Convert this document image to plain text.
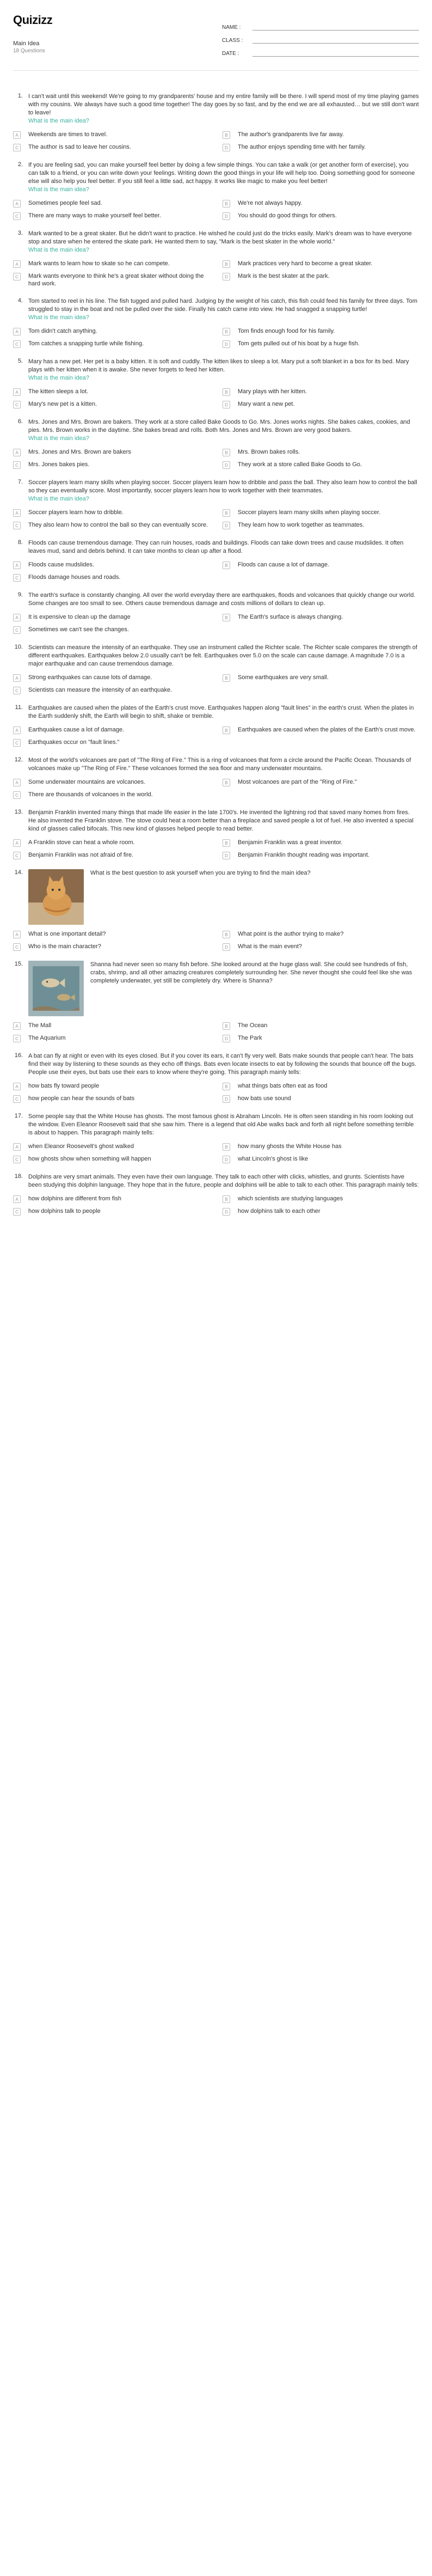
Quizizz
Main Idea
18 Questions
NAME :
CLASS :
DATE :
1. I can't wait until this weekend! We're going to my grandparents' house and my entire family will be there. I will spend most of my time playing games with my cousins. We always have such a good time together! The day goes by so fast, and by the end we are all exhausted… but we still don't want to leave!
What is the main idea?
A	Weekends are times to travel.	B	The author's grandparents live far away.
C	The author is sad to leave her cousins.	D	The author enjoys spending time with her family.
2. If you are feeling sad, you can make yourself feel better by doing a few simple things. You can take a walk (or get another form of exercise), you can talk to a friend, or you can write down your feelings. Writing down the good things in your life will help too. Doing something good for someone else will also help you feel better. If you still feel a little sad, act happy. It works like magic to make you feel better!
What is the main idea?
A	Sometimes people feel sad.	B	We're not always happy.
C	There are many ways to make yourself feel better.	D	You should do good things for others.
3. Mark wanted to be a great skater. But he didn't want to practice. He wished he could just do the tricks easily. Mark's dream was to have everyone stop and stare when he entered the skate park. He wanted them to say, "Mark is the best skater in the whole world."
What is the main idea?
A	Mark wants to learn how to skate so he can compete.	B	Mark practices very hard to become a great skater.
C	Mark wants everyone to think he's a great skater without doing the hard work.
D	Mark is the best skater at the park.
4. Tom started to reel in his line. The fish tugged and pulled hard. Judging by the weight of his catch, this fish could feed his family for three days. Tom struggled to stay in the boat and not be pulled over the side. Finally his catch came into view. He had snagged a snapping turtle!
What is the main idea?
A	Tom didn't catch anything.	B	Tom finds enough food for his family.
C	Tom catches a snapping turtle while fishing.	D	Tom gets pulled out of his boat by a huge fish.
5. Mary has a new pet. Her pet is a baby kitten. It is soft and cuddly. The kitten likes to sleep a lot. Mary put a soft blanket in a box for its bed. Mary plays with her kitten when it is awake. She never forgets to feed her kitten.
What is the main idea?
A	The kitten sleeps a lot.	B	Mary plays with her kitten.
C	Mary's new pet is a kitten.	D	Mary want a new pet.
6. Mrs. Jones and Mrs. Brown are bakers. They work at a store called Bake Goods to Go. Mrs. Jones works nights. She bakes cakes, cookies, and pies. Mrs. Brown works in the daytime. She bakes bread and rolls. Both Mrs. Jones and Mrs. Brown are very good bakers.
What is the main idea?
A	Mrs. Jones and Mrs. Brown are bakers	B	Mrs. Brown bakes rolls.
C	Mrs. Jones bakes pies.	D	They work at a store called Bake Goods to Go.
7. Soccer players learn many skills when playing soccer. Soccer players learn how to dribble and pass the ball. They also learn how to control the ball so they can eventually score. Most importantly, soccer players learn how to work together with their teammates.
What is the main idea?
A	Soccer players learn how to dribble.	B	Soccer players learn many skills when playing soccer.
C	They also learn how to control the ball so they can eventually score.	D	They learn how to work together as teammates.
8. Floods can cause tremendous damage. They can ruin houses, roads and buildings. Floods can take down trees and cause mudslides. It often leaves mud, sand and debris behind. It can take months to clean up after a flood.
A	Floods cause mudslides.	B	Floods can cause a lot of damage.
C	Floods damage houses and roads.
9. The earth's surface is constantly changing. All over the world everyday there are earthquakes, floods and volcanoes that quickly change our world. Some changes are too small to see. Others cause tremendous damage and costs millions of dollars to clean up.
A	It is expensive to clean up the damage	B	The Earth's surface is always changing.
C	Sometimes we can't see the changes.
10. Scientists can measure the intensity of an earthquake. They use an instrument called the Richter scale. The Richter scale compares the strength of different earthquakes. Earthquakes below 2.0 usually can't be felt. Earthquakes over 5.0 on the scale can cause damage. A magnitude 7.0 is a major earthquake and can cause tremendous damage.
A	Strong earthquakes can cause lots of damage.	B	Some earthquakes are very small.
C	Scientists can measure the intensity of an earthquake.
11. Earthquakes are caused when the plates of the Earth's crust move. Earthquakes happen along "fault lines" in the earth's crust. When the plates in the Earth suddenly shift, the Earth will begin to shift, shake or tremble.
A	Earthquakes cause a lot of damage.	B	Earthquakes are caused when the plates of the Earth's crust move.
C	Earthquakes occur on "fault lines."
12. Most of the world's volcanoes are part of "The Ring of Fire." This is a ring of volcanoes that form a circle around the Pacific Ocean. Thousands of volcanoes make up "The Ring of Fire." These volcanoes formed the sea floor and many underwater mountains.
A	Some underwater mountains are volcanoes.	B	Most volcanoes are part of the "Ring of Fire."
C	There are thousands of volcanoes in the world.
13. Benjamin Franklin invented many things that made life easier in the late 1700's. He invented the lightning rod that saved many homes from fires. He also invented the Franklin stove. The stove could heat a room better than a fireplace and saved people a lot of fuel. He also invented a special kind of glasses called bifocals. This new kind of glasses helped people to read better.
A	A Franklin stove can heat a whole room.	B	Benjamin Franklin was a great inventor.
C	Benjamin Franklin was not afraid of fire.	D	Benjamin Franklin thought reading was important.
14.	What is the best question to ask yourself when you are trying to find the main idea?
A	What is one important detail?	B	What point is the author trying to make?
C	Who is the main character?	D	What is the main event?
15.	Shanna had never seen so many fish before. She looked around at the huge glass wall. She could see hundreds of fish, crabs, shrimp, and all other amazing creatures completely surrounding her. She never thought she could feel like she was completely underwater, yet still be completely dry. Where is Shanna?
A	The Mall	B	The Ocean
C	The Aquarium	D	The Park
16. A bat can fly at night or even with its eyes closed. But if you cover its ears, it can't fly very well. Bats make sounds that people can't hear. The bats find their way by listening to these sounds as they echo off things. Bats even locate insects to eat by following the sounds that bounce off the bugs. People use their eyes, but bats use their ears to know where they're going. This paragraph mainly tells:
A	how bats fly toward people	B	what things bats often eat as food
C	how people can hear the sounds of bats	D	how bats use sound
17. Some people say that the White House has ghosts. The most famous ghost is Abraham Lincoln. He is often seen standing in his room looking out the window. Even Eleanor Roosevelt said that she saw him. There is a legend that old Abe walks back and forth all night before something terrible is about to happen. This paragraph mainly tells:
A	when Eleanor Roosevelt's ghost walked	B	how many ghosts the White House has
C	how ghosts show when something will happen	D	what Lincoln's ghost is like
18. Dolphins are very smart animals. They even have their own language. They talk to each other with clicks, whistles, and grunts. Scientists have been studying this dolphin language. They hope that in the future, people and dolphins will be able to talk to each other. This paragraph mainly tells:
A	how dolphins are different from fish	B	which scientists are studying languages
C	how dolphins talk to people	D	how dolphins talk to each other
